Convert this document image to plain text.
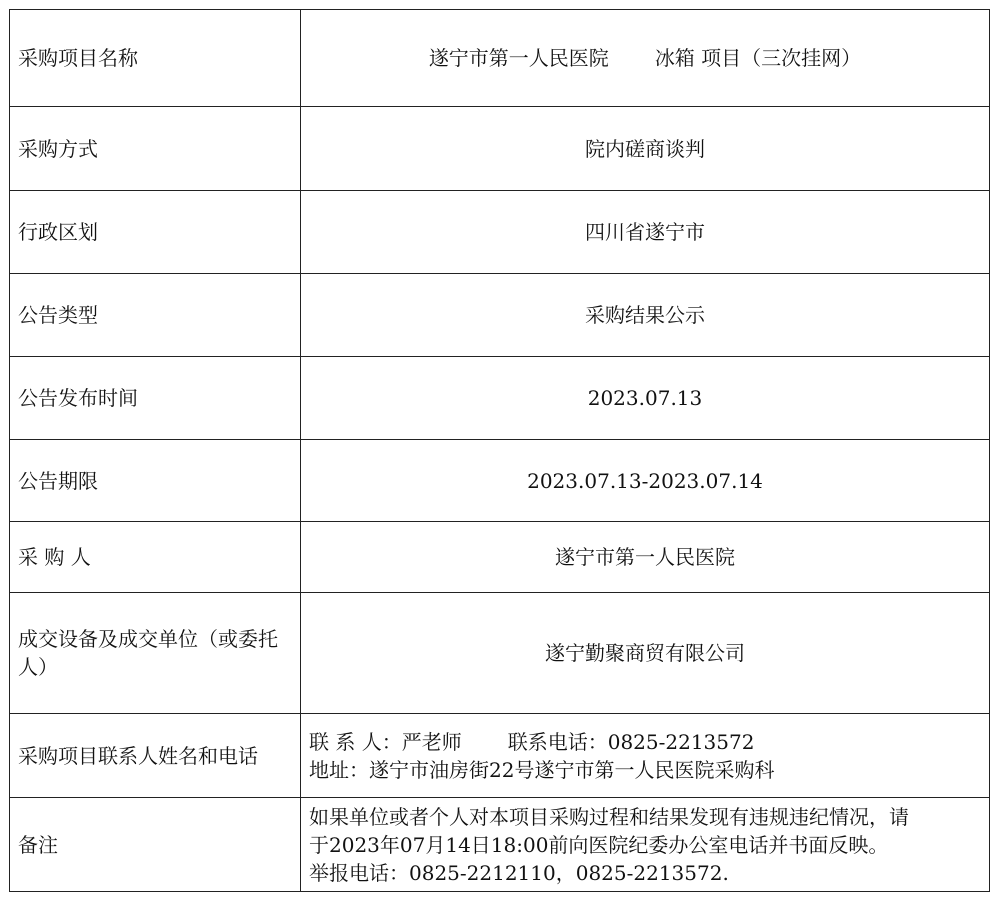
采购项目名称	遂宁市第一人民医院 冰箱 项目（三次挂网）
采购方式	院内磋商谈判
行政区划	四川省遂宁市
公告类型	采购结果公示
公告发布时间	2023.07.13
公告期限	2023.07.13-2023.07.14
采 购 人	遂宁市第一人民医院
成交设备及成交单位（或委托人）	遂宁勤聚商贸有限公司
采购项目联系人姓名和电话	联 系 人：严老师 联系电话：0825-2213572
地址：遂宁市油房街22号遂宁市第一人民医院采购科

备注	如果单位或者个人对本项目采购过程和结果发现有违规违纪情况，请
于2023年07月14日18:00前向医院纪委办公室电话并书面反映。
举报电话：0825-2212110，0825-2213572.
